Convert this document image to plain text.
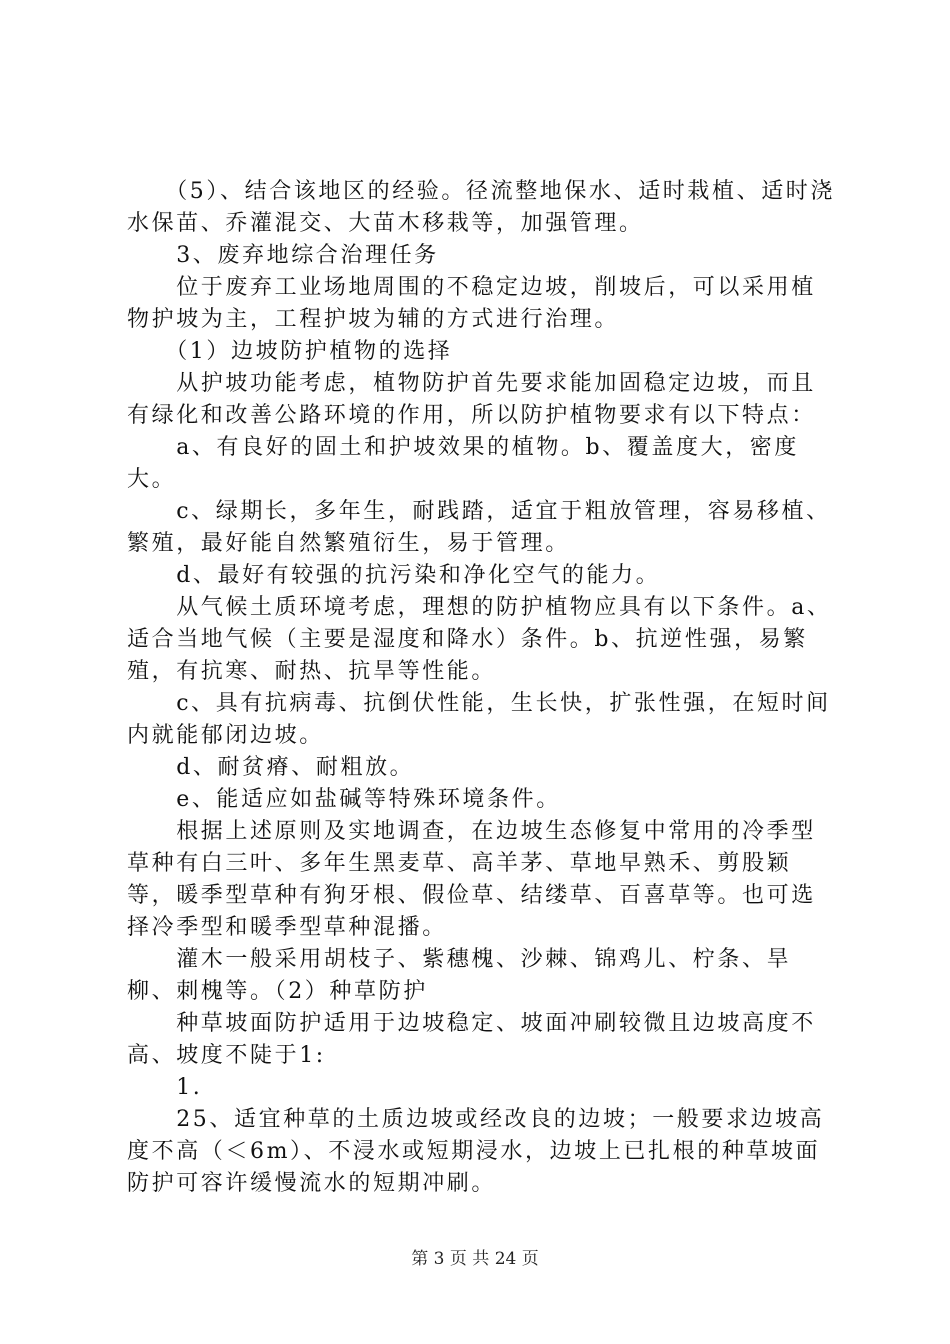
　　（5）、结合该地区的经验。径流整地保水、适时栽植、适时浇水保苗、乔灌混交、大苗木移栽等，加强管理。

　　3、废弃地综合治理任务

　　位于废弃工业场地周围的不稳定边坡，削坡后，可以采用植物护坡为主，工程护坡为辅的方式进行治理。

　　（1）边坡防护植物的选择

　　从护坡功能考虑，植物防护首先要求能加固稳定边坡，而且有绿化和改善公路环境的作用，所以防护植物要求有以下特点：

　　a、有良好的固土和护坡效果的植物。b、覆盖度大，密度大。

　　c、绿期长，多年生，耐践踏，适宜于粗放管理，容易移植、繁殖，最好能自然繁殖衍生，易于管理。

　　d、最好有较强的抗污染和净化空气的能力。

　　从气候土质环境考虑，理想的防护植物应具有以下条件。a、适合当地气候（主要是湿度和降水）条件。b、抗逆性强，易繁殖，有抗寒、耐热、抗旱等性能。

　　c、具有抗病毒、抗倒伏性能，生长快，扩张性强，在短时间内就能郁闭边坡。

　　d、耐贫瘠、耐粗放。

　　e、能适应如盐碱等特殊环境条件。

　　根据上述原则及实地调查，在边坡生态修复中常用的冷季型草种有白三叶、多年生黑麦草、高羊茅、草地早熟禾、剪股颖等，暖季型草种有狗牙根、假俭草、结缕草、百喜草等。也可选择冷季型和暖季型草种混播。

　　灌木一般采用胡枝子、紫穗槐、沙棘、锦鸡儿、柠条、旱柳、刺槐等。（2）种草防护

　　种草坡面防护适用于边坡稳定、坡面冲刷较微且边坡高度不高、坡度不陡于1:

　　1.

　　25、适宜种草的土质边坡或经改良的边坡；一般要求边坡高度不高（＜6m）、不浸水或短期浸水，边坡上已扎根的种草坡面防护可容许缓慢流水的短期冲刷。

第 3 页 共 24 页
